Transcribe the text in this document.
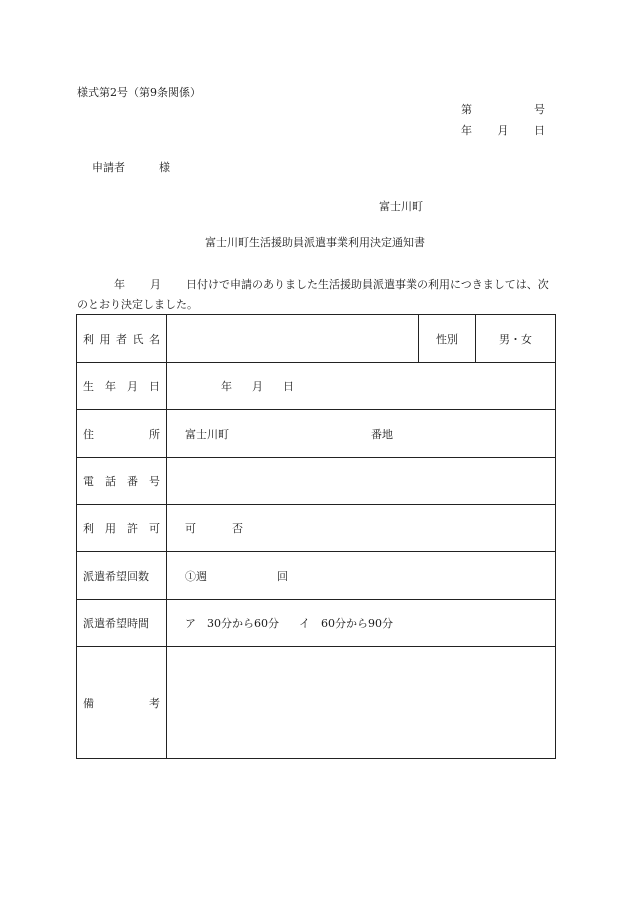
様式第2号（第9条関係）
第	号
年 月 日
申請者	様
富士川町
富士川町生活援助員派遣事業利用決定通知書
年 月 日付けで申請のありました生活援助員派遣事業の利用につきましては、次のとおり決定しました。
利 用 者 氏 名		性別	男・女

生 年 月 日	年 月 日		

住 所	富士川町 番地		

電 話 番 号			

利 用 許 可	可 否		

派遣希望回数	①週 回		

派遣希望時間	ア　30分から60分 イ　60分から90分		

備 考			
